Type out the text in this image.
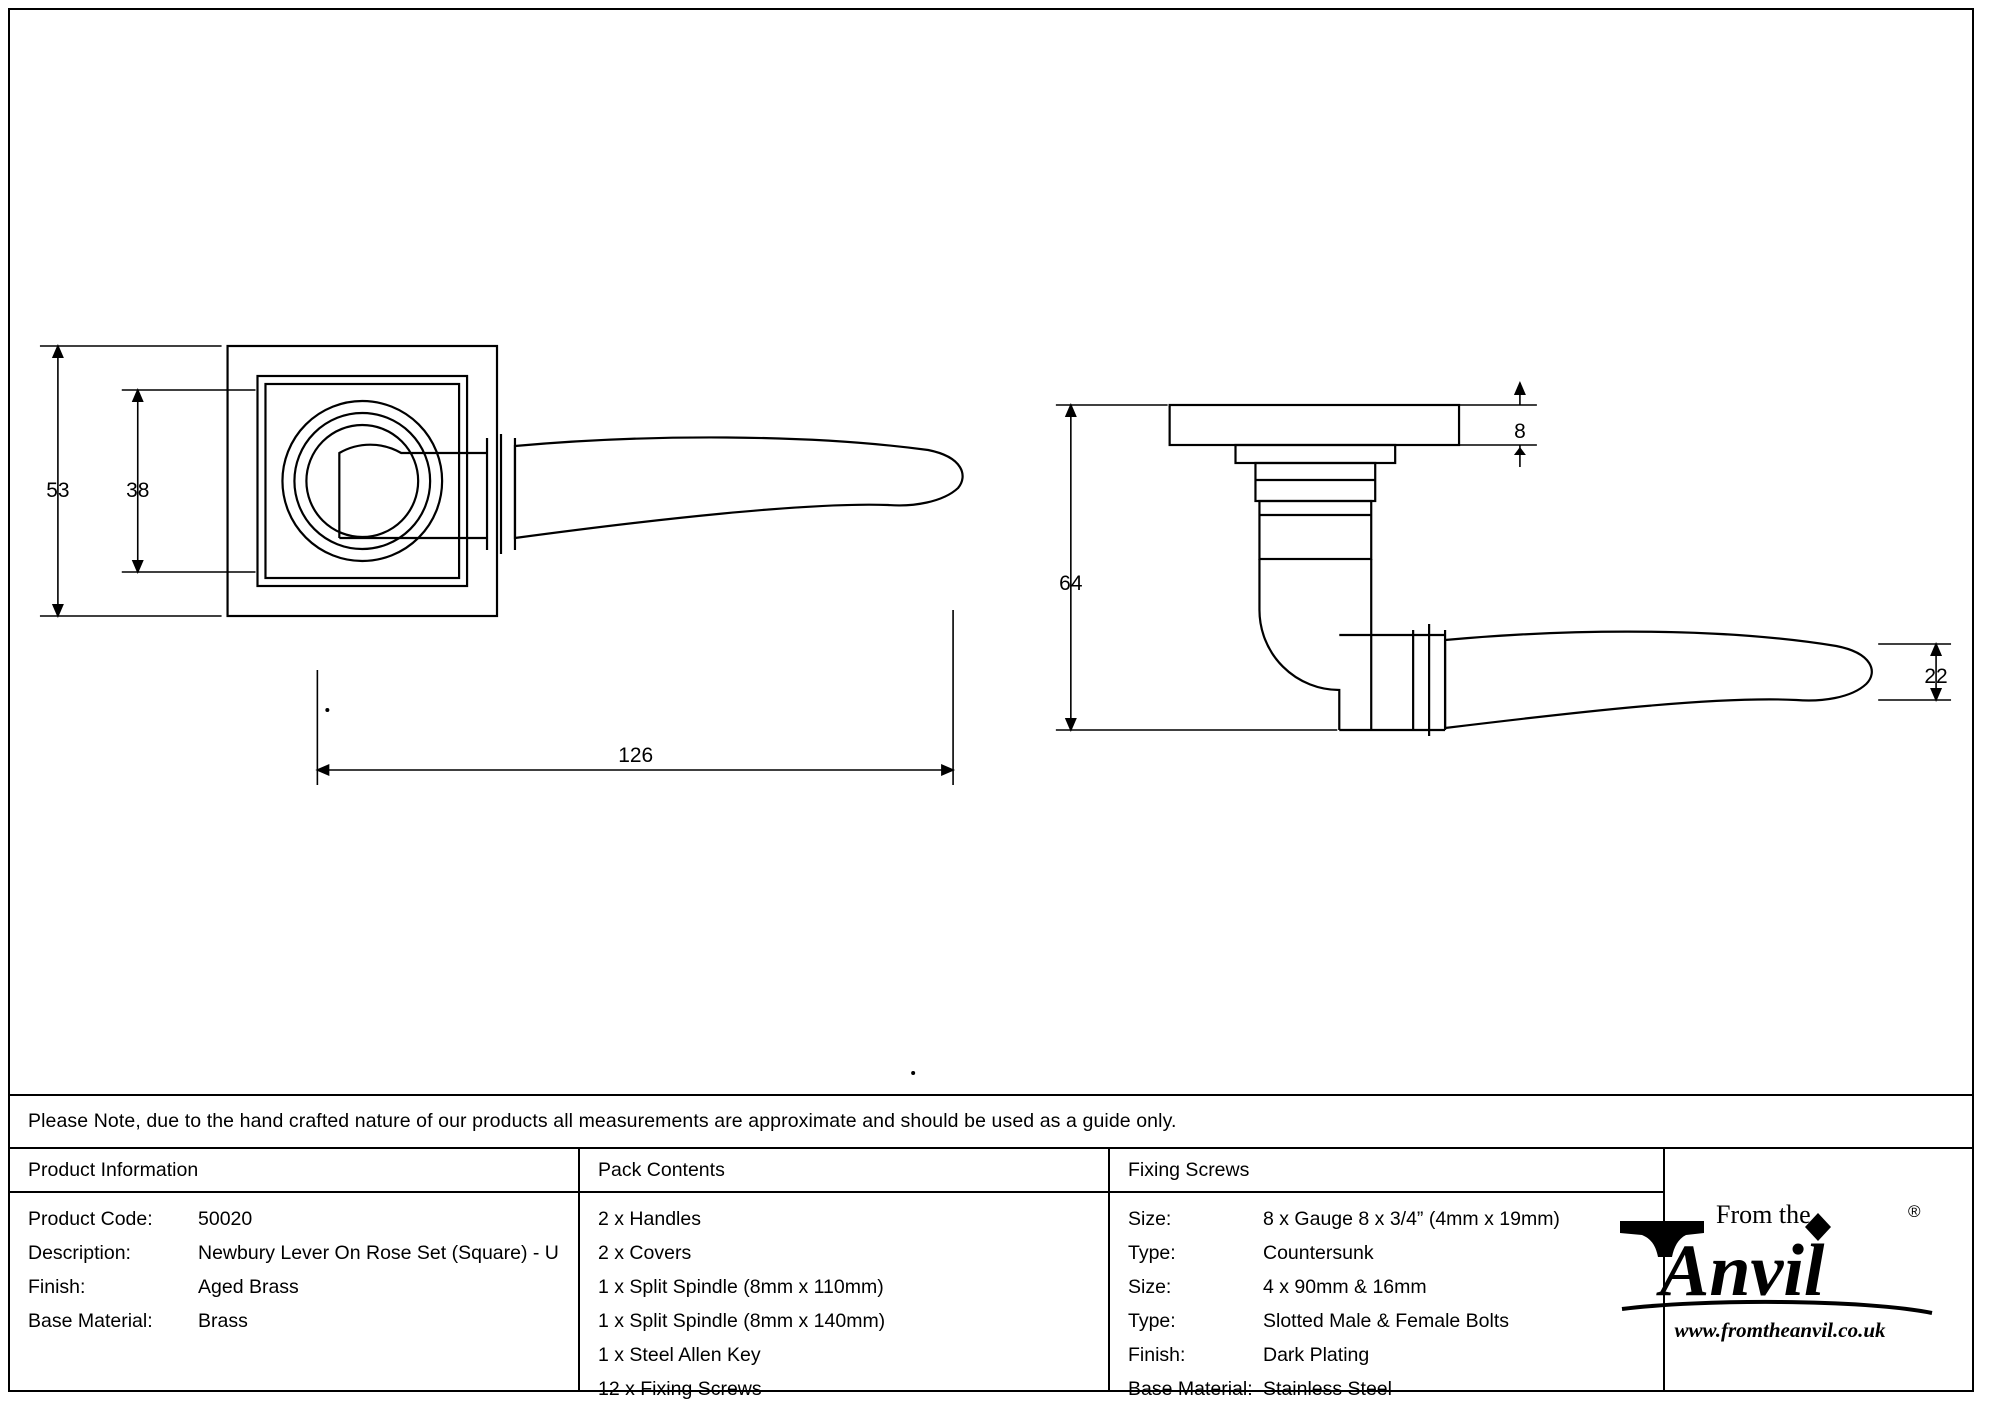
53	38
126
8
64
22
Please Note, due to the hand crafted nature of our products all measurements are approximate and should be used as a guide only.
Product Information
Product Code:	50020
Description:	Newbury Lever On Rose Set (Square) - U
Finish:	Aged Brass
Base Material:	Brass
Pack Contents
2 x Handles
2 x Covers
1 x Split Spindle (8mm x 110mm)
1 x Split Spindle (8mm x 140mm)
1 x Steel Allen Key
12 x Fixing Screws
Fixing Screws
Size:	8 x Gauge 8 x 3/4” (4mm x 19mm)
Type:	Countersunk
Size:	4 x 90mm & 16mm
Type:	Slotted Male & Female Bolts
Finish:	Dark Plating
Base Material: Stainless Steel
From the	®
Anvil
www.fromtheanvil.co.uk
